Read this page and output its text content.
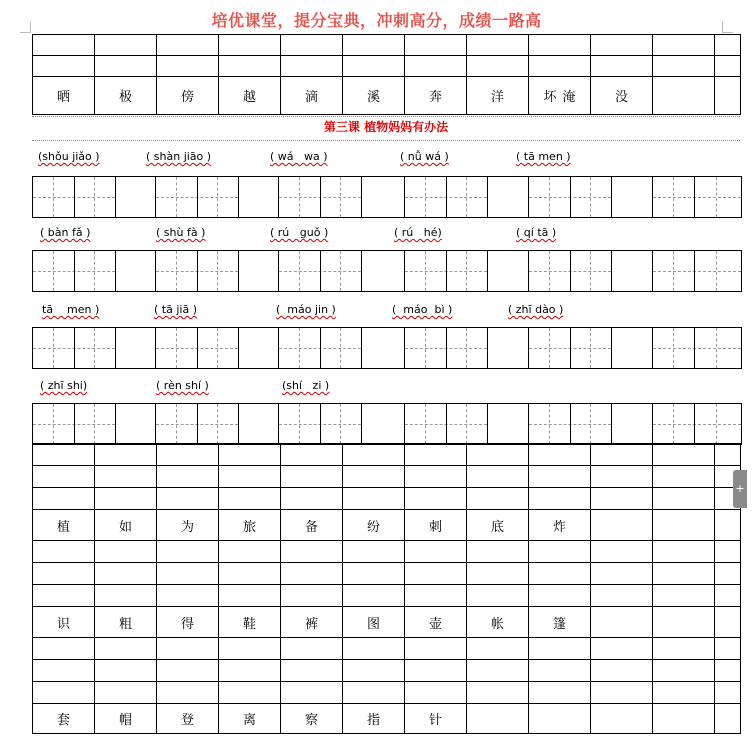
培优课堂，提分宝典，冲刺高分，成绩一路高

晒	极	傍	越	滴	溪	奔	洋	坏 淹	没		
第三课 植物妈妈有办法
(shǒu jiǎo )	( shàn jiāo )	( wá   wa )	( nǚ wá )	( tā men )
( bàn fǎ )	( shù fà )	( rú   guǒ )	( rú   hé)	( qí tā )
tā    men )	( tā jiā )	(  máo jin )	(  máo  bì )	( zhī dào )
( zhī shi)	( rèn shí )	(shí   zi )

植	如	为	旅	备	纷	刺	底	炸			

识	粗	得	鞋	裤	图	壶	帐	篷			

套	帽	登	离	察	指	针					
+
